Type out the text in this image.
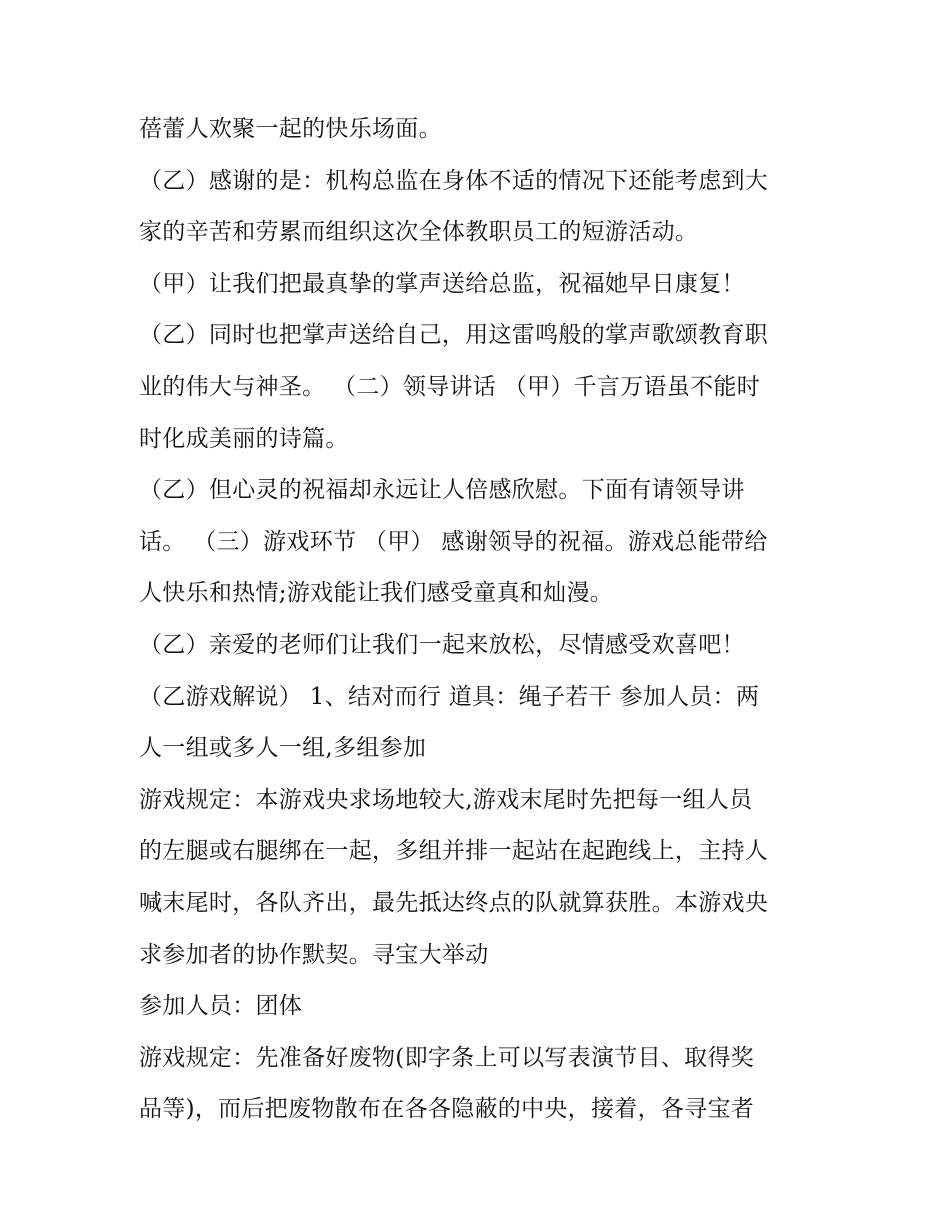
蓓蕾人欢聚一起的快乐场面。
（乙）感谢的是：机构总监在身体不适的情况下还能考虑到大
家的辛苦和劳累而组织这次全体教职员工的短游活动。
（甲）让我们把最真挚的掌声送给总监，祝福她早日康复！
（乙）同时也把掌声送给自己，用这雷鸣般的掌声歌颂教育职
业的伟大与神圣。 （二）领导讲话 （甲）千言万语虽不能时
时化成美丽的诗篇。
（乙）但心灵的祝福却永远让人倍感欣慰。下面有请领导讲
话。 （三）游戏环节 （甲） 感谢领导的祝福。游戏总能带给
人快乐和热情;游戏能让我们感受童真和灿漫。
（乙）亲爱的老师们让我们一起来放松，尽情感受欢喜吧！
（乙游戏解说） 1、结对而行 道具：绳子若干 参加人员：两
人一组或多人一组,多组参加
游戏规定：本游戏央求场地较大,游戏末尾时先把每一组人员
的左腿或右腿绑在一起，多组并排一起站在起跑线上，主持人
喊末尾时，各队齐出，最先抵达终点的队就算获胜。本游戏央
求参加者的协作默契。寻宝大举动
参加人员：团体
游戏规定：先准备好废物(即字条上可以写表演节目、取得奖
品等)，而后把废物散布在各各隐蔽的中央，接着，各寻宝者
